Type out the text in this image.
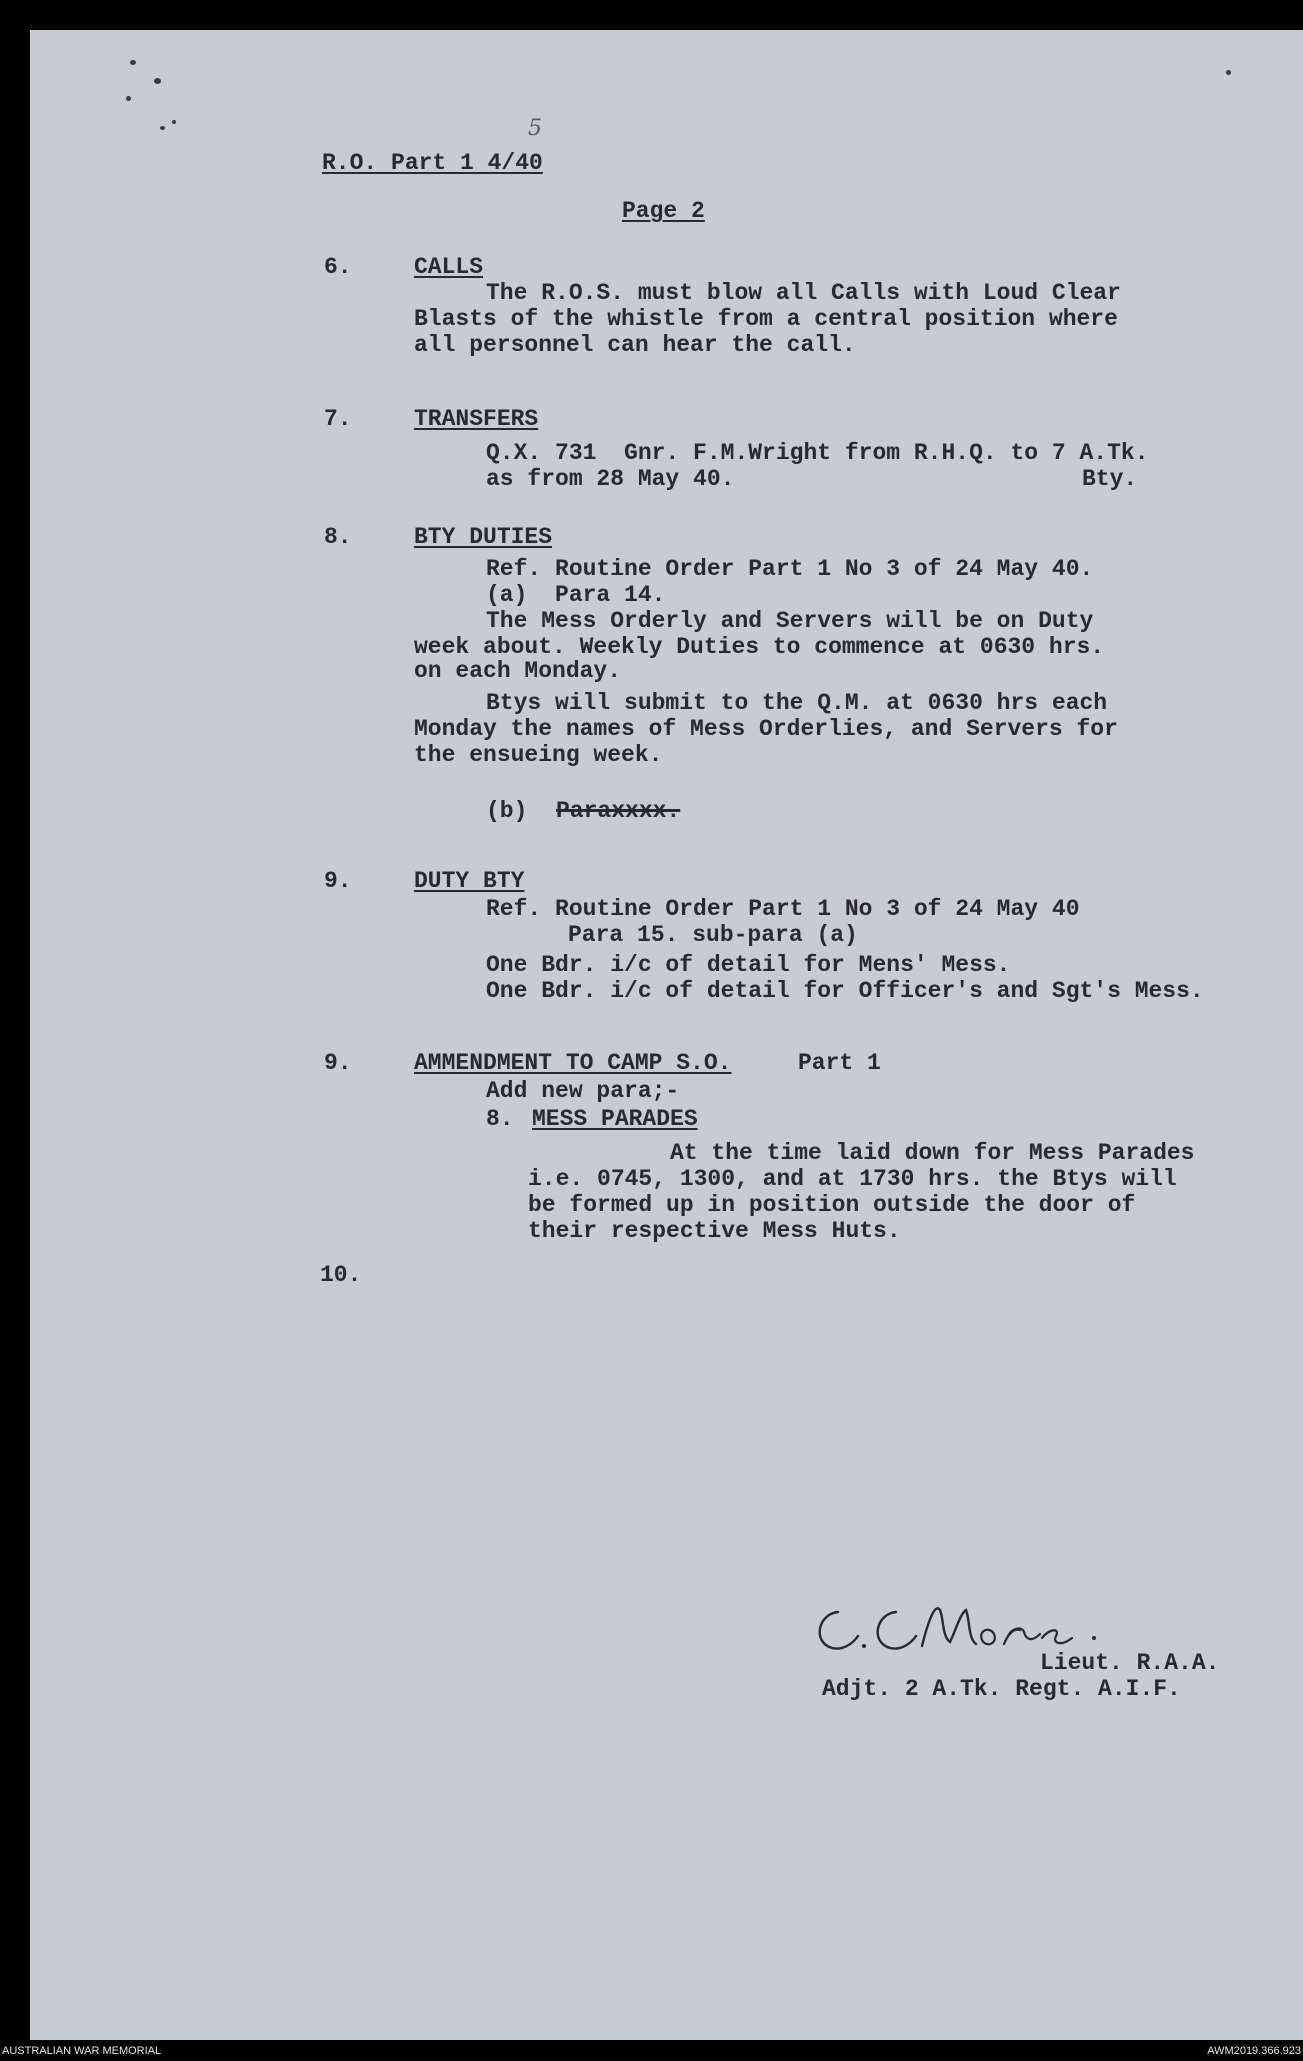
5
R.O. Part 1 4/40
Page 2
6.	CALLS
The R.O.S. must blow all Calls with Loud Clear
Blasts of the whistle from a central position where
all personnel can hear the call.
7.	TRANSFERS
Q.X. 731  Gnr. F.M.Wright from R.H.Q. to 7 A.Tk.
as from 28 May 40.	Bty.
8.	BTY DUTIES
Ref. Routine Order Part 1 No 3 of 24 May 40.
(a)  Para 14.
The Mess Orderly and Servers will be on Duty
week about. Weekly Duties to commence at 0630 hrs.
on each Monday.
Btys will submit to the Q.M. at 0630 hrs each
Monday the names of Mess Orderlies, and Servers for
the ensueing week.
(b) Paraxxxx.
9.	DUTY BTY
Ref. Routine Order Part 1 No 3 of 24 May 40
Para 15. sub-para (a)
One Bdr. i/c of detail for Mens' Mess.
One Bdr. i/c of detail for Officer's and Sgt's Mess.
9.	AMMENDMENT TO CAMP S.O.	Part 1
Add new para;-
8. MESS PARADES
At the time laid down for Mess Parades
i.e. 0745, 1300, and at 1730 hrs. the Btys will
be formed up in position outside the door of
their respective Mess Huts.
10.
Lieut. R.A.A.
Adjt. 2 A.Tk. Regt. A.I.F.
AUSTRALIAN WAR MEMORIAL	AWM2019.366.923
